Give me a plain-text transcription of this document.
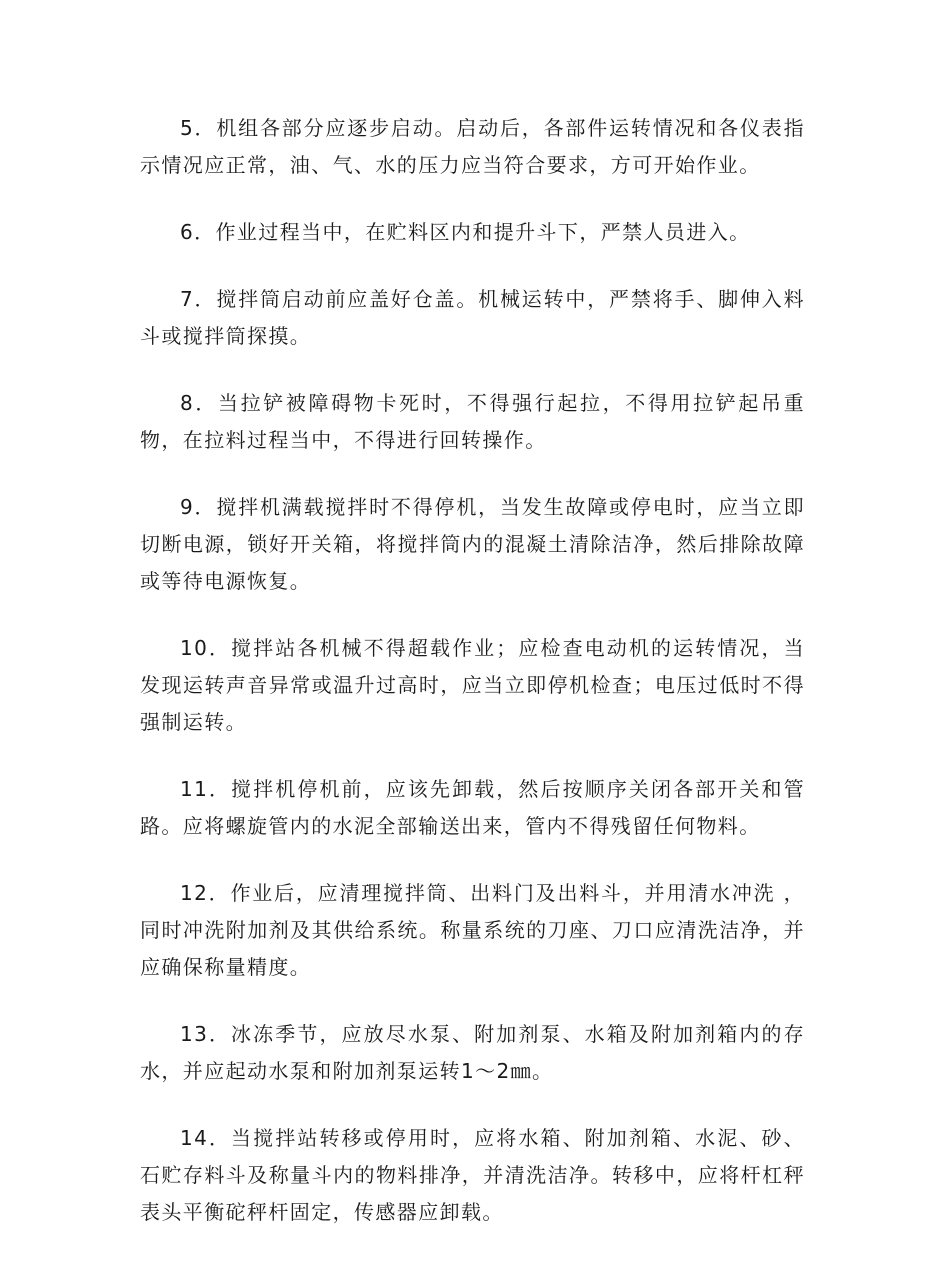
5．机组各部分应逐步启动。启动后，各部件运转情况和各仪表指示情况应正常，油、气、水的压力应当符合要求，方可开始作业。

6．作业过程当中，在贮料区内和提升斗下，严禁人员进入。

7．搅拌筒启动前应盖好仓盖。机械运转中，严禁将手、脚伸入料斗或搅拌筒探摸。

8．当拉铲被障碍物卡死时，不得强行起拉，不得用拉铲起吊重物，在拉料过程当中，不得进行回转操作。

9．搅拌机满载搅拌时不得停机，当发生故障或停电时，应当立即切断电源，锁好开关箱，将搅拌筒内的混凝土清除洁净，然后排除故障或等待电源恢复。

10．搅拌站各机械不得超载作业；应检查电动机的运转情况，当发现运转声音异常或温升过高时，应当立即停机检查；电压过低时不得强制运转。

11．搅拌机停机前，应该先卸载，然后按顺序关闭各部开关和管路。应将螺旋管内的水泥全部输送出来，管内不得残留任何物料。

12．作业后，应清理搅拌筒、出料门及出料斗，并用清水冲洗 ，同时冲洗附加剂及其供给系统。称量系统的刀座、刀口应清洗洁净，并应确保称量精度。

13．冰冻季节，应放尽水泵、附加剂泵、水箱及附加剂箱内的存水，并应起动水泵和附加剂泵运转1～2㎜。

14．当搅拌站转移或停用时，应将水箱、附加剂箱、水泥、砂、石贮存料斗及称量斗内的物料排净，并清洗洁净。转移中，应将杆杠秤表头平衡砣秤杆固定，传感器应卸载。
